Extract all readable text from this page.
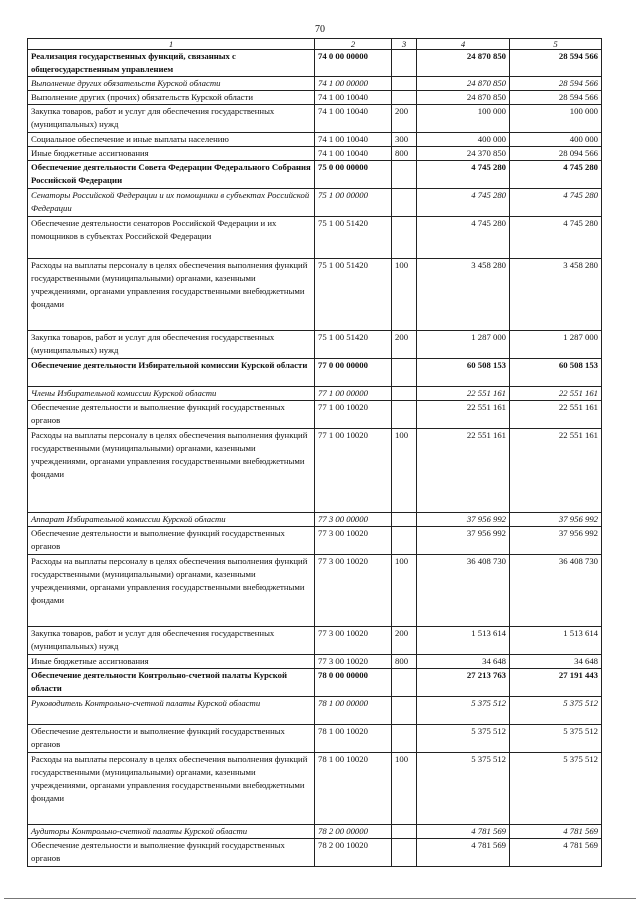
70
1	2	3	4	5
Реализация государственных функций, связанных с общегосударственным управлением	74 0 00 00000		24 870 850	28 594 566
Выполнение других обязательств Курской области	74 1 00 00000		24 870 850	28 594 566
Выполнение других (прочих) обязательств Курской области	74 1 00 10040		24 870 850	28 594 566
Закупка товаров, работ и услуг для обеспечения государственных (муниципальных) нужд	74 1 00 10040	200	100 000	100 000
Социальное обеспечение и иные выплаты населению	74 1 00 10040	300	400 000	400 000
Иные бюджетные ассигнования	74 1 00 10040	800	24 370 850	28 094 566
Обеспечение деятельности Совета Федерации Федерального Собрания Российской Федерации	75 0 00 00000		4 745 280	4 745 280
Сенаторы Российской Федерации и их помощники в субъектах Российской Федерации	75 1 00 00000		4 745 280	4 745 280
Обеспечение деятельности сенаторов Российской Федерации и их помощников в субъектах Российской Федерации	75 1 00 51420		4 745 280	4 745 280
Расходы на выплаты персоналу в целях обеспечения выполнения функций государственными (муниципальными) органами, казенными учреждениями, органами управления государственными внебюджетными фондами	75 1 00 51420	100	3 458 280	3 458 280
Закупка товаров, работ и услуг для обеспечения государственных (муниципальных) нужд	75 1 00 51420	200	1 287 000	1 287 000
Обеспечение деятельности Избирательной комиссии Курской области	77 0 00 00000		60 508 153	60 508 153
Члены Избирательной комиссии Курской области	77 1 00 00000		22 551 161	22 551 161
Обеспечение деятельности и выполнение функций государственных органов	77 1 00 10020		22 551 161	22 551 161
Расходы на выплаты персоналу в целях обеспечения выполнения функций государственными (муниципальными) органами, казенными учреждениями, органами управления государственными внебюджетными фондами	77 1 00 10020	100	22 551 161	22 551 161
Аппарат Избирательной комиссии Курской области	77 3 00 00000		37 956 992	37 956 992
Обеспечение деятельности и выполнение функций государственных органов	77 3 00 10020		37 956 992	37 956 992
Расходы на выплаты персоналу в целях обеспечения выполнения функций государственными (муниципальными) органами, казенными учреждениями, органами управления государственными внебюджетными фондами	77 3 00 10020	100	36 408 730	36 408 730
Закупка товаров, работ и услуг для обеспечения государственных (муниципальных) нужд	77 3 00 10020	200	1 513 614	1 513 614
Иные бюджетные ассигнования	77 3 00 10020	800	34 648	34 648
Обеспечение деятельности Контрольно-счетной палаты Курской области	78 0 00 00000		27 213 763	27 191 443
Руководитель Контрольно-счетной палаты Курской области	78 1 00 00000		5 375 512	5 375 512
Обеспечение деятельности и выполнение функций государственных органов	78 1 00 10020		5 375 512	5 375 512
Расходы на выплаты персоналу в целях обеспечения выполнения функций государственными (муниципальными) органами, казенными учреждениями, органами управления государственными внебюджетными фондами	78 1 00 10020	100	5 375 512	5 375 512
Аудиторы Контрольно-счетной палаты Курской области	78 2 00 00000		4 781 569	4 781 569
Обеспечение деятельности и выполнение функций государственных органов	78 2 00 10020		4 781 569	4 781 569
